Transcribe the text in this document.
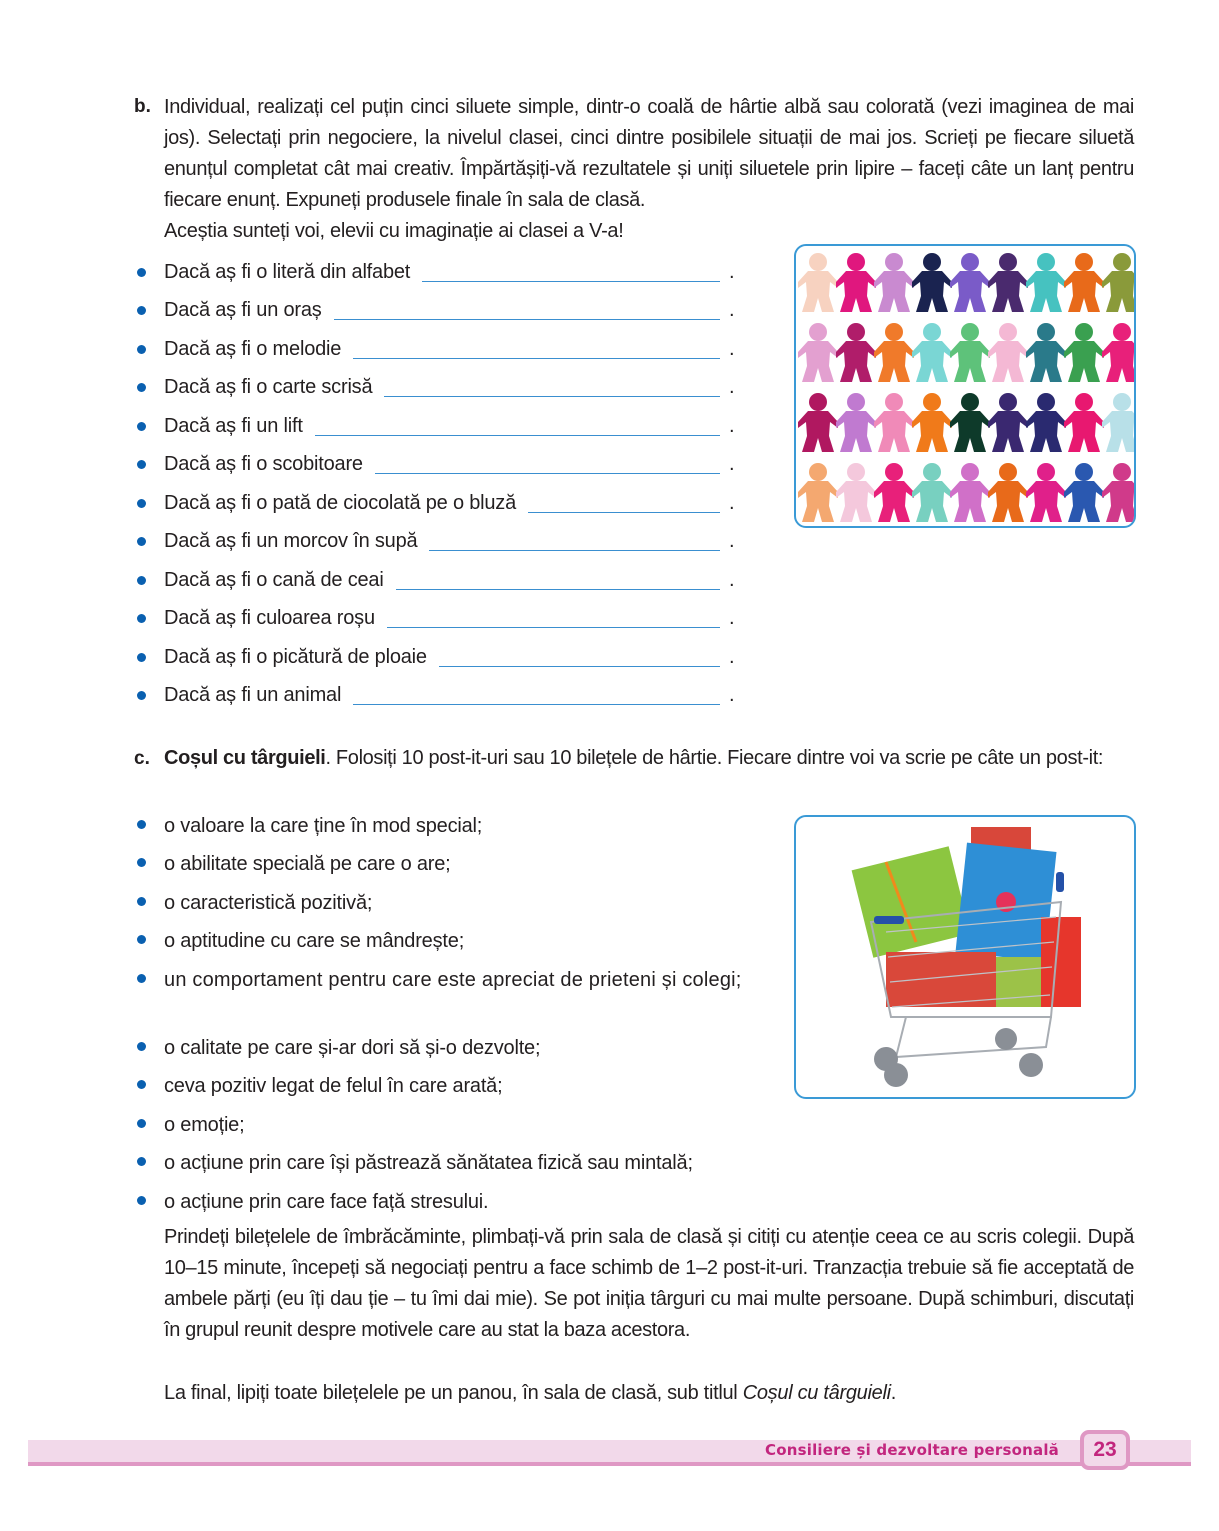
b. Individual, realizați cel puțin cinci siluete simple, dintr-o coală de hârtie albă sau colorată (vezi imaginea de mai jos). Selectați prin negociere, la nivelul clasei, cinci dintre posibilele situații de mai jos. Scrieți pe fiecare siluetă enunțul completat cât mai creativ. Împărtășiți-vă rezultatele și uniți siluetele prin lipire – faceți câte un lanț pentru fiecare enunț. Expuneți produsele finale în sala de clasă.
Aceștia sunteți voi, elevii cu imaginație ai clasei a V-a!
Dacă aș fi o literă din alfabet	.
Dacă aș fi un oraș	.
Dacă aș fi o melodie	.
Dacă aș fi o carte scrisă	.
Dacă aș fi un lift	.
Dacă aș fi o scobitoare	.
Dacă aș fi o pată de ciocolată pe o bluză	.
Dacă aș fi un morcov în supă	.
Dacă aș fi o cană de ceai	.
Dacă aș fi culoarea roșu	.
Dacă aș fi o picătură de ploaie	.
Dacă aș fi un animal	.
c. Coșul cu târguieli. Folosiți 10 post-it-uri sau 10 bilețele de hârtie. Fiecare dintre voi va scrie pe câte un post-it:
o valoare la care ține în mod special;
o abilitate specială pe care o are;
o caracteristică pozitivă;
o aptitudine cu care se mândrește;
un comportament pentru care este apreciat de prieteni și colegi;
o calitate pe care și-ar dori să și-o dezvolte;
ceva pozitiv legat de felul în care arată;
o emoție;
o acțiune prin care își păstrează sănătatea fizică sau mintală;
o acțiune prin care face față stresului.
Prindeți bilețelele de îmbrăcăminte, plimbați-vă prin sala de clasă și citiți cu atenție ceea ce au scris colegii. După 10–15 minute, începeți să negociați pentru a face schimb de 1–2 post-it-uri. Tranzacția trebuie să fie acceptată de ambele părți (eu îți dau ție – tu îmi dai mie). Se pot iniția târguri cu mai multe persoane. După schimburi, discutați în grupul reunit despre motivele care au stat la baza acestora.
La final, lipiți toate bilețelele pe un panou, în sala de clasă, sub titlul Coșul cu târguieli.
Consiliere și dezvoltare personală	23
